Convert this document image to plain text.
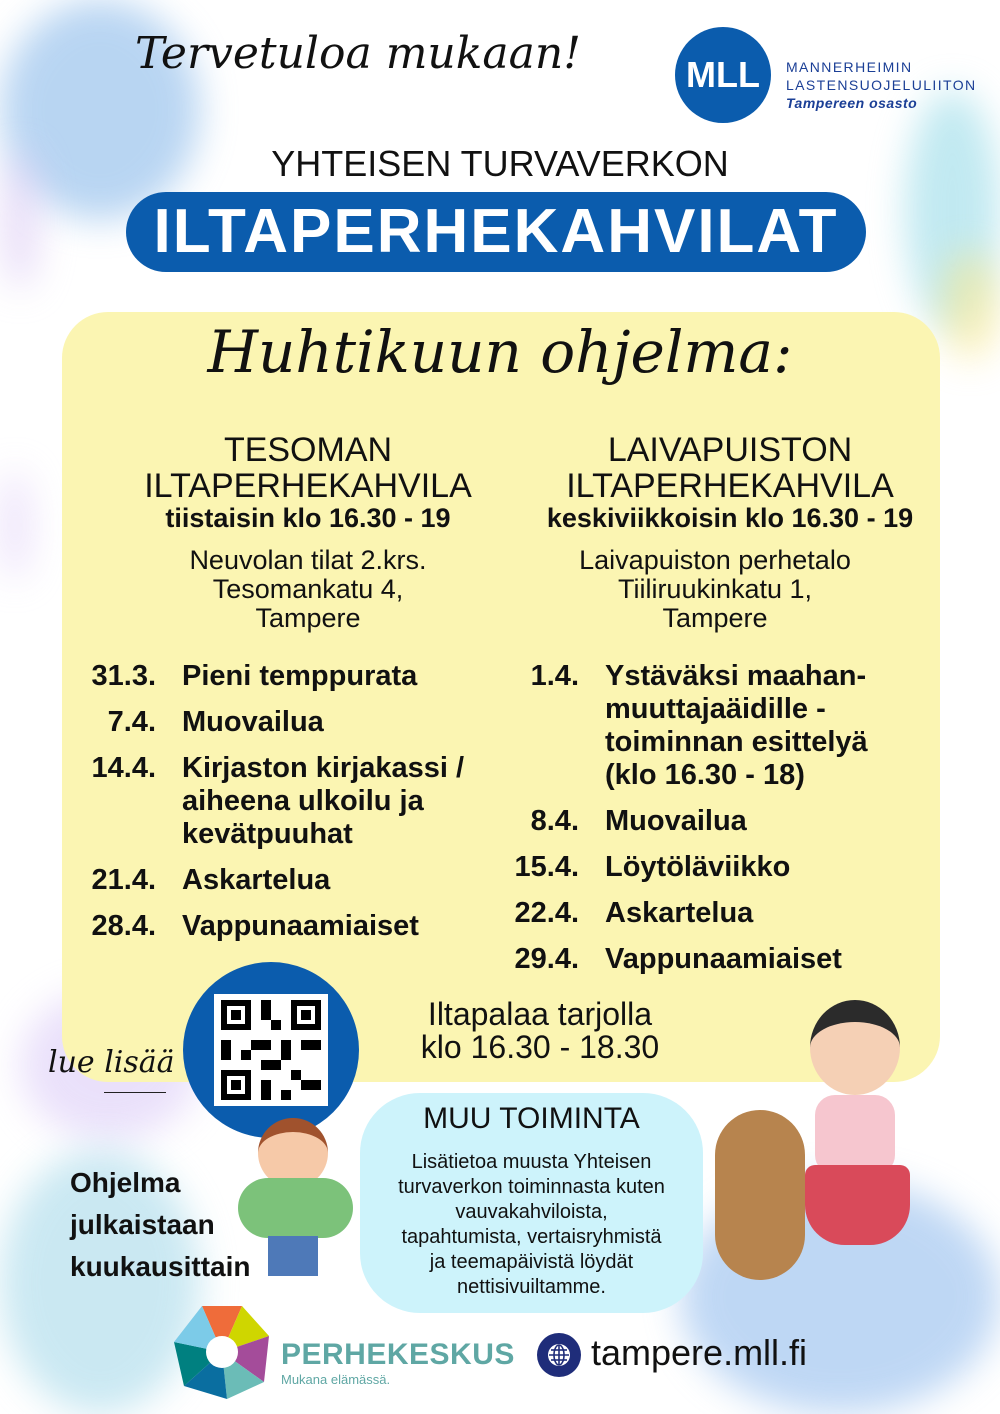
Tervetuloa mukaan!	MLL	MANNERHEIMIN
LASTENSUOJELULIITON
Tampereen osasto
YHTEISEN TURVAVERKON
ILTAPERHEKAHVILAT
Huhtikuun ohjelma:
TESOMAN
ILTAPERHEKAHVILA
tiistaisin klo 16.30 - 19
Neuvolan tilat 2.krs.
Tesomankatu 4,
Tampere
LAIVAPUISTON
ILTAPERHEKAHVILA
keskiviikkoisin klo 16.30 - 19
Laivapuiston perhetalo
Tiiliruukinkatu 1,
Tampere
31.3. Pieni temppurata
7.4. Muovailua
14.4. Kirjaston kirjakassi /
aiheena ulkoilu ja
kevätpuuhat
21.4. Askartelua
28.4. Vappunaamiaiset
1.4. Ystäväksi maahan-
muuttajaäidille -
toiminnan esittelyä
(klo 16.30 - 18)
8.4. Muovailua
15.4. Löytöläviikko
22.4. Askartelua
29.4. Vappunaamiaiset
Iltapalaa tarjolla
klo 16.30 - 18.30
lue lisää
Ohjelma
julkaistaan
kuukausittain
MUU TOIMINTA
Lisätietoa muusta Yhteisen
turvaverkon toiminnasta kuten
vauvakahviloista,
tapahtumista, vertaisryhmistä
ja teemapäivistä löydät
nettisivuiltamme.
PERHEKESKUS
Mukana elämässä.
tampere.mll.fi
